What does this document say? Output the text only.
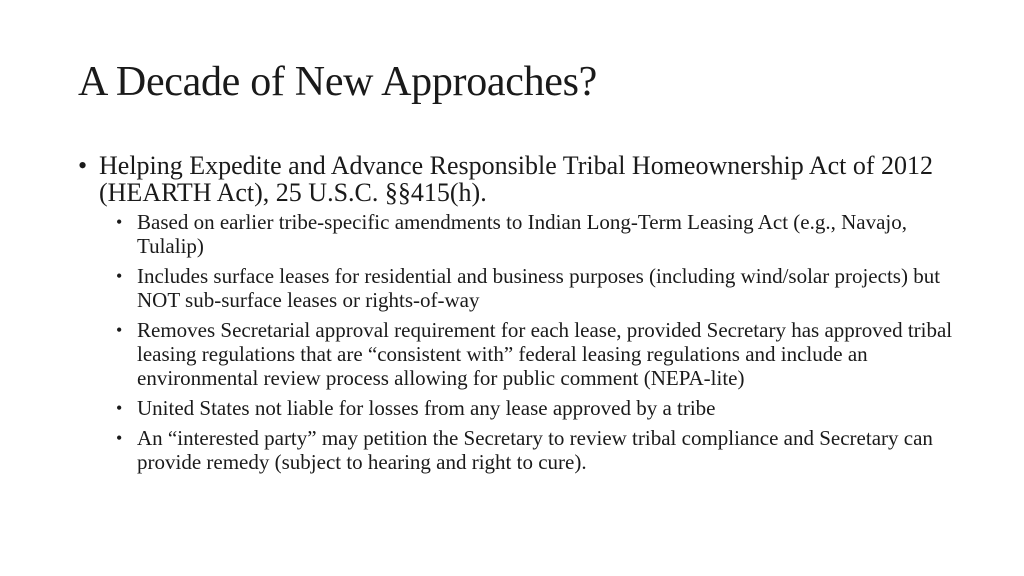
A Decade of New Approaches?
• Helping Expedite and Advance Responsible Tribal Homeownership Act of 2012 (HEARTH Act), 25 U.S.C. §§415(h).
• Based on earlier tribe-specific amendments to Indian Long-Term Leasing Act (e.g., Navajo, Tulalip)
• Includes surface leases for residential and business purposes (including wind/solar projects) but NOT sub-surface leases or rights-of-way
• Removes Secretarial approval requirement for each lease, provided Secretary has approved tribal leasing regulations that are “consistent with” federal leasing regulations and include an environmental review process allowing for public comment (NEPA-lite)
• United States not liable for losses from any lease approved by a tribe
• An “interested party” may petition the Secretary to review tribal compliance and Secretary can provide remedy (subject to hearing and right to cure).
